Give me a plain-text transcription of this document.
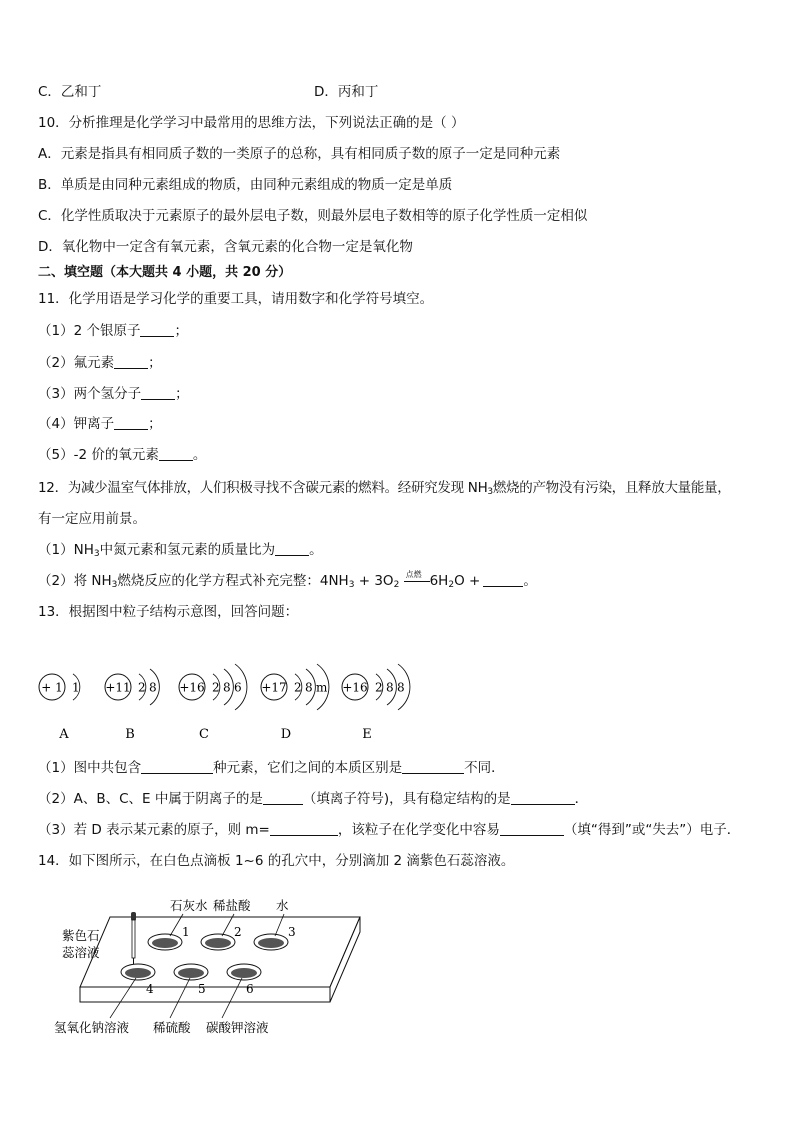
C．乙和丁	D．丙和丁
10．分析推理是化学学习中最常用的思维方法，下列说法正确的是（ ）
A．元素是指具有相同质子数的一类原子的总称，具有相同质子数的原子一定是同种元素
B．单质是由同种元素组成的物质，由同种元素组成的物质一定是单质
C．化学性质取决于元素原子的最外层电子数，则最外层电子数相等的原子化学性质一定相似
D．氧化物中一定含有氧元素，含氧元素的化合物一定是氧化物
二、填空题（本大题共 4 小题，共 20 分）
11．化学用语是学习化学的重要工具，请用数字和化学符号填空。
（1）2 个银原子	；
（2）氟元素	；
（3）两个氢分子	；
（4）钾离子	；
（5）-2 价的氧元素	。
12．为减少温室气体排放，人们积极寻找不含碳元素的燃料。经研究发现 $NH_3$燃烧的产物没有污染，且释放大量能量，
有一定应用前景。
$(1)NH_3$中氮元素和氢元素的质量比为	。
（2）将 $NH_3$燃烧反应的化学方程式补充完整：$4NH_3 + 3O_2$
点燃 $6H_2O$ +	。
13．根据图中粒子结构示意图，回答问题：
+ 1 1
A
+11 2 8
B
+16 2 8 6
C
+17 2 8 m
D
+16 2 8 8
E
（1）图中共包含	种元素，它们之间的本质区别是	不同．
（2）A、B、C、E 中属于阴离子的是	（填离子符号)，具有稳定结构的是	．
（3）若 D 表示某元素的原子，则 m=	，该粒子在化学变化中容易	（填“得到”或“失去”）电子．
14．如下图所示，在白色点滴板 1~6 的孔穴中，分别滴加 2 滴紫色石蕊溶液。
1	2	3
4	5	6
石灰水 稀盐酸 水
紫色石
蕊溶液
氢氧化钠溶液 稀硫酸 碳酸钾溶液
